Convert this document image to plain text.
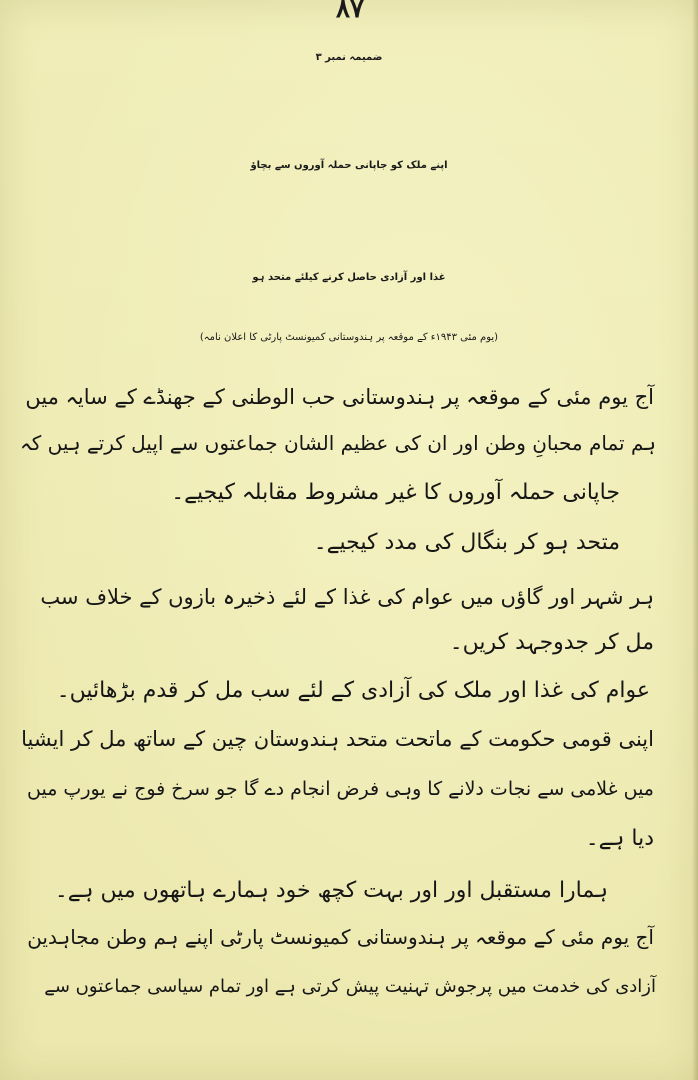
۸۷
ضمیمہ نمبر ۳
اپنے ملک کو جاپانی حملہ آوروں سے بچاؤ
غذا اور آزادی حاصل کرنے کیلئے متحد ہو
(یوم مئی ۱۹۴۳ء کے موقعہ پر ہندوستانی کمیونسٹ پارٹی کا اعلان نامہ)
آج یوم مئی کے موقعہ پر ہندوستانی حب الوطنی کے جھنڈے کے سایہ میں
ہم تمام محبانِ وطن اور ان کی عظیم الشان جماعتوں سے اپیل کرتے ہیں کہ
جاپانی حملہ آوروں کا غیر مشروط مقابلہ کیجیے۔
متحد ہو کر بنگال کی مدد کیجیے۔
ہر شہر اور گاؤں میں عوام کی غذا کے لئے ذخیرہ بازوں کے خلاف سب
مل کر جدوجہد کریں۔
عوام کی غذا اور ملک کی آزادی کے لئے سب مل کر قدم بڑھائیں۔
اپنی قومی حکومت کے ماتحت متحد ہندوستان چین کے ساتھ مل کر ایشیا
میں غلامی سے نجات دلانے کا وہی فرض انجام دے گا جو سرخ فوج نے یورپ میں
دیا ہے۔
ہمارا مستقبل اور اور بہت کچھ خود ہمارے ہاتھوں میں ہے۔
آج یوم مئی کے موقعہ پر ہندوستانی کمیونسٹ پارٹی اپنے ہم وطن مجاہدین
آزادی کی خدمت میں پرجوش تہنیت پیش کرتی ہے اور تمام سیاسی جماعتوں سے
